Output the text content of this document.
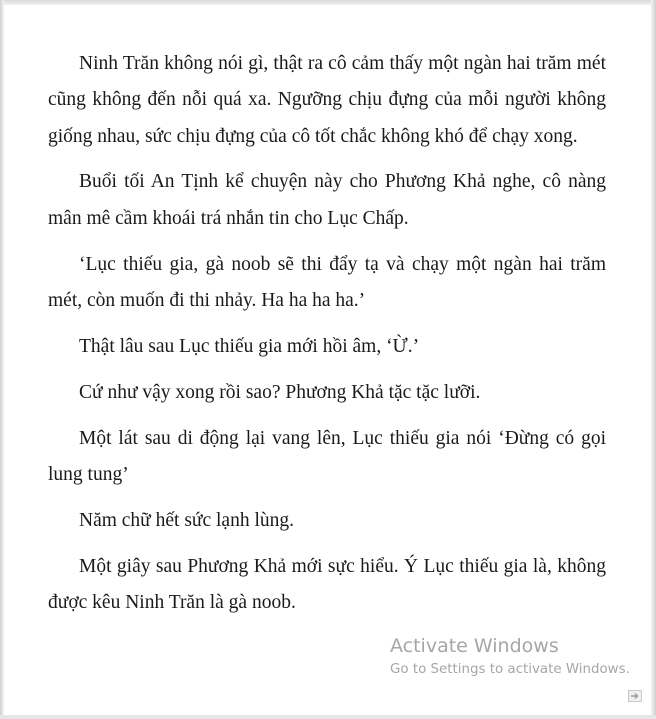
Ninh Trăn không nói gì, thật ra cô cảm thấy một ngàn hai trăm mét cũng không đến nỗi quá xa. Ngưỡng chịu đựng của mỗi người không giống nhau, sức chịu đựng của cô tốt chắc không khó để chạy xong.

Buổi tối An Tịnh kể chuyện này cho Phương Khả nghe, cô nàng mân mê cầm khoái trá nhắn tin cho Lục Chấp.

‘Lục thiếu gia, gà noob sẽ thi đẩy tạ và chạy một ngàn hai trăm mét, còn muốn đi thi nhảy. Ha ha ha ha.’

Thật lâu sau Lục thiếu gia mới hồi âm, ‘Ừ.’

Cứ như vậy xong rồi sao? Phương Khả tặc tặc lưỡi.

Một lát sau di động lại vang lên, Lục thiếu gia nói ‘Đừng có gọi lung tung’

Năm chữ hết sức lạnh lùng.

Một giây sau Phương Khả mới sực hiểu. Ý Lục thiếu gia là, không được kêu Ninh Trăn là gà noob.

Activate Windows
Go to Settings to activate Windows.
